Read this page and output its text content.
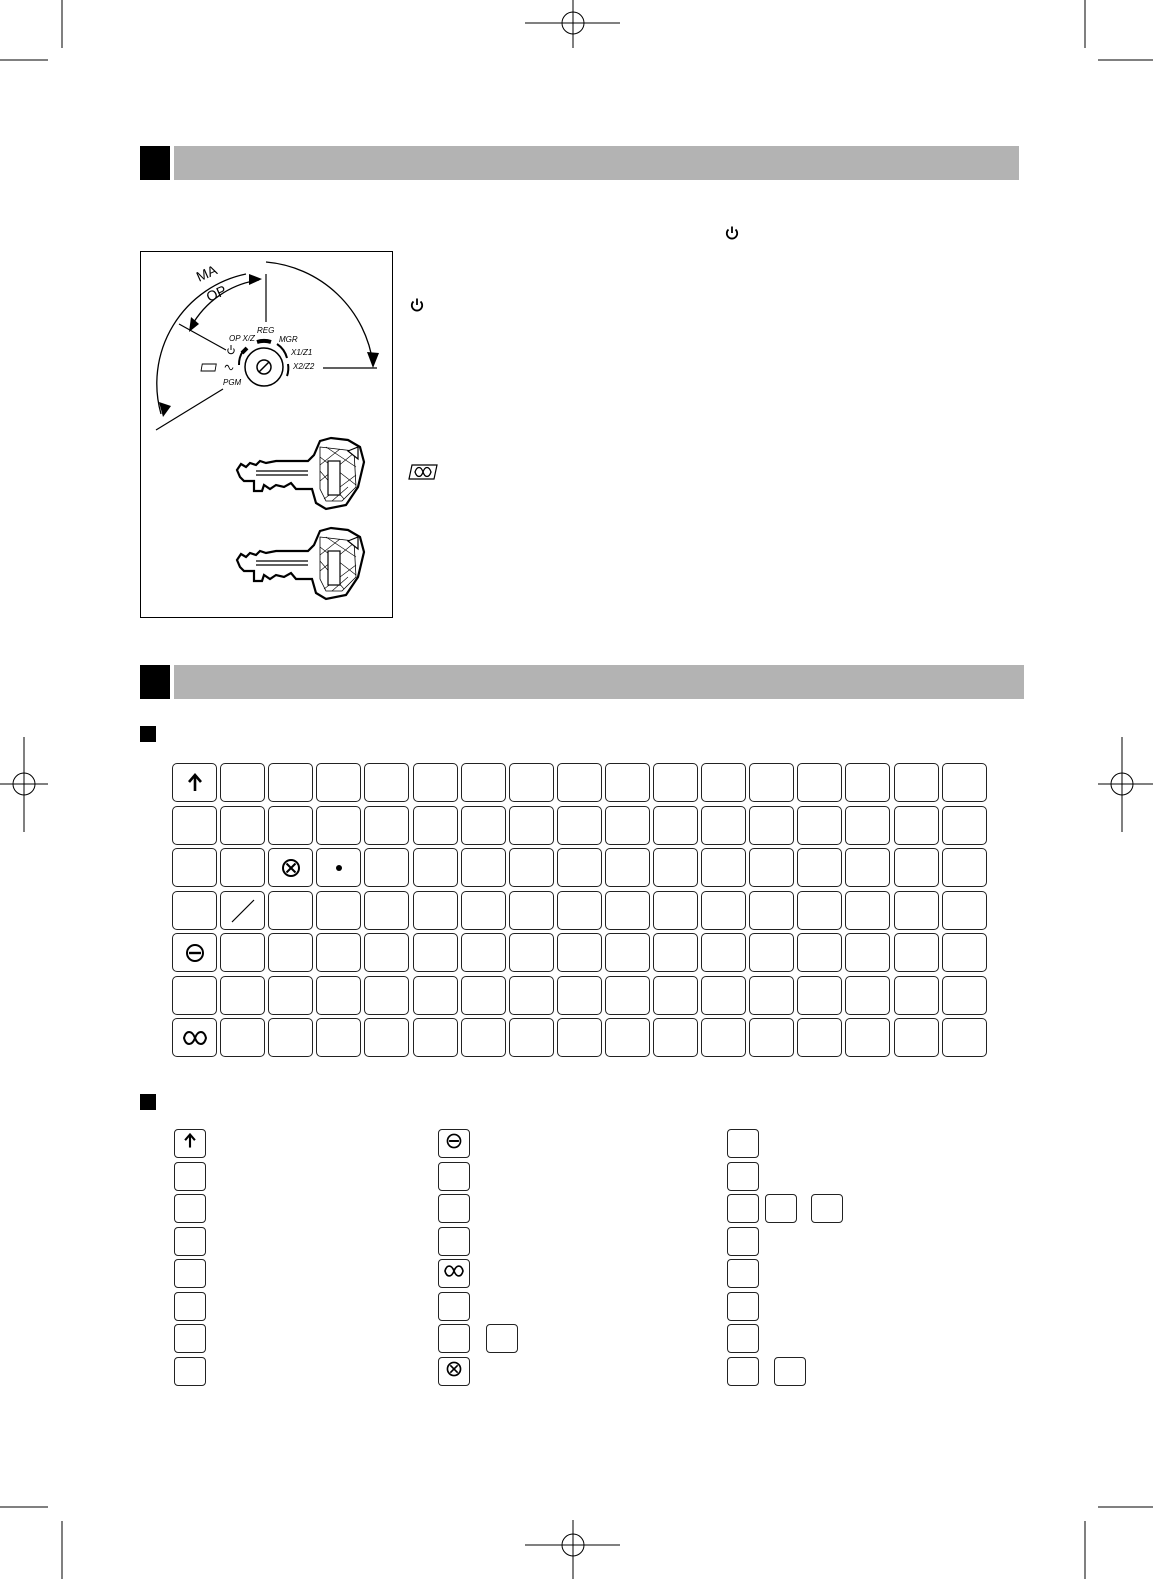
MA
OP
REG
OP X/Z	MGR
X1/Z1
X2/Z2
PGM
